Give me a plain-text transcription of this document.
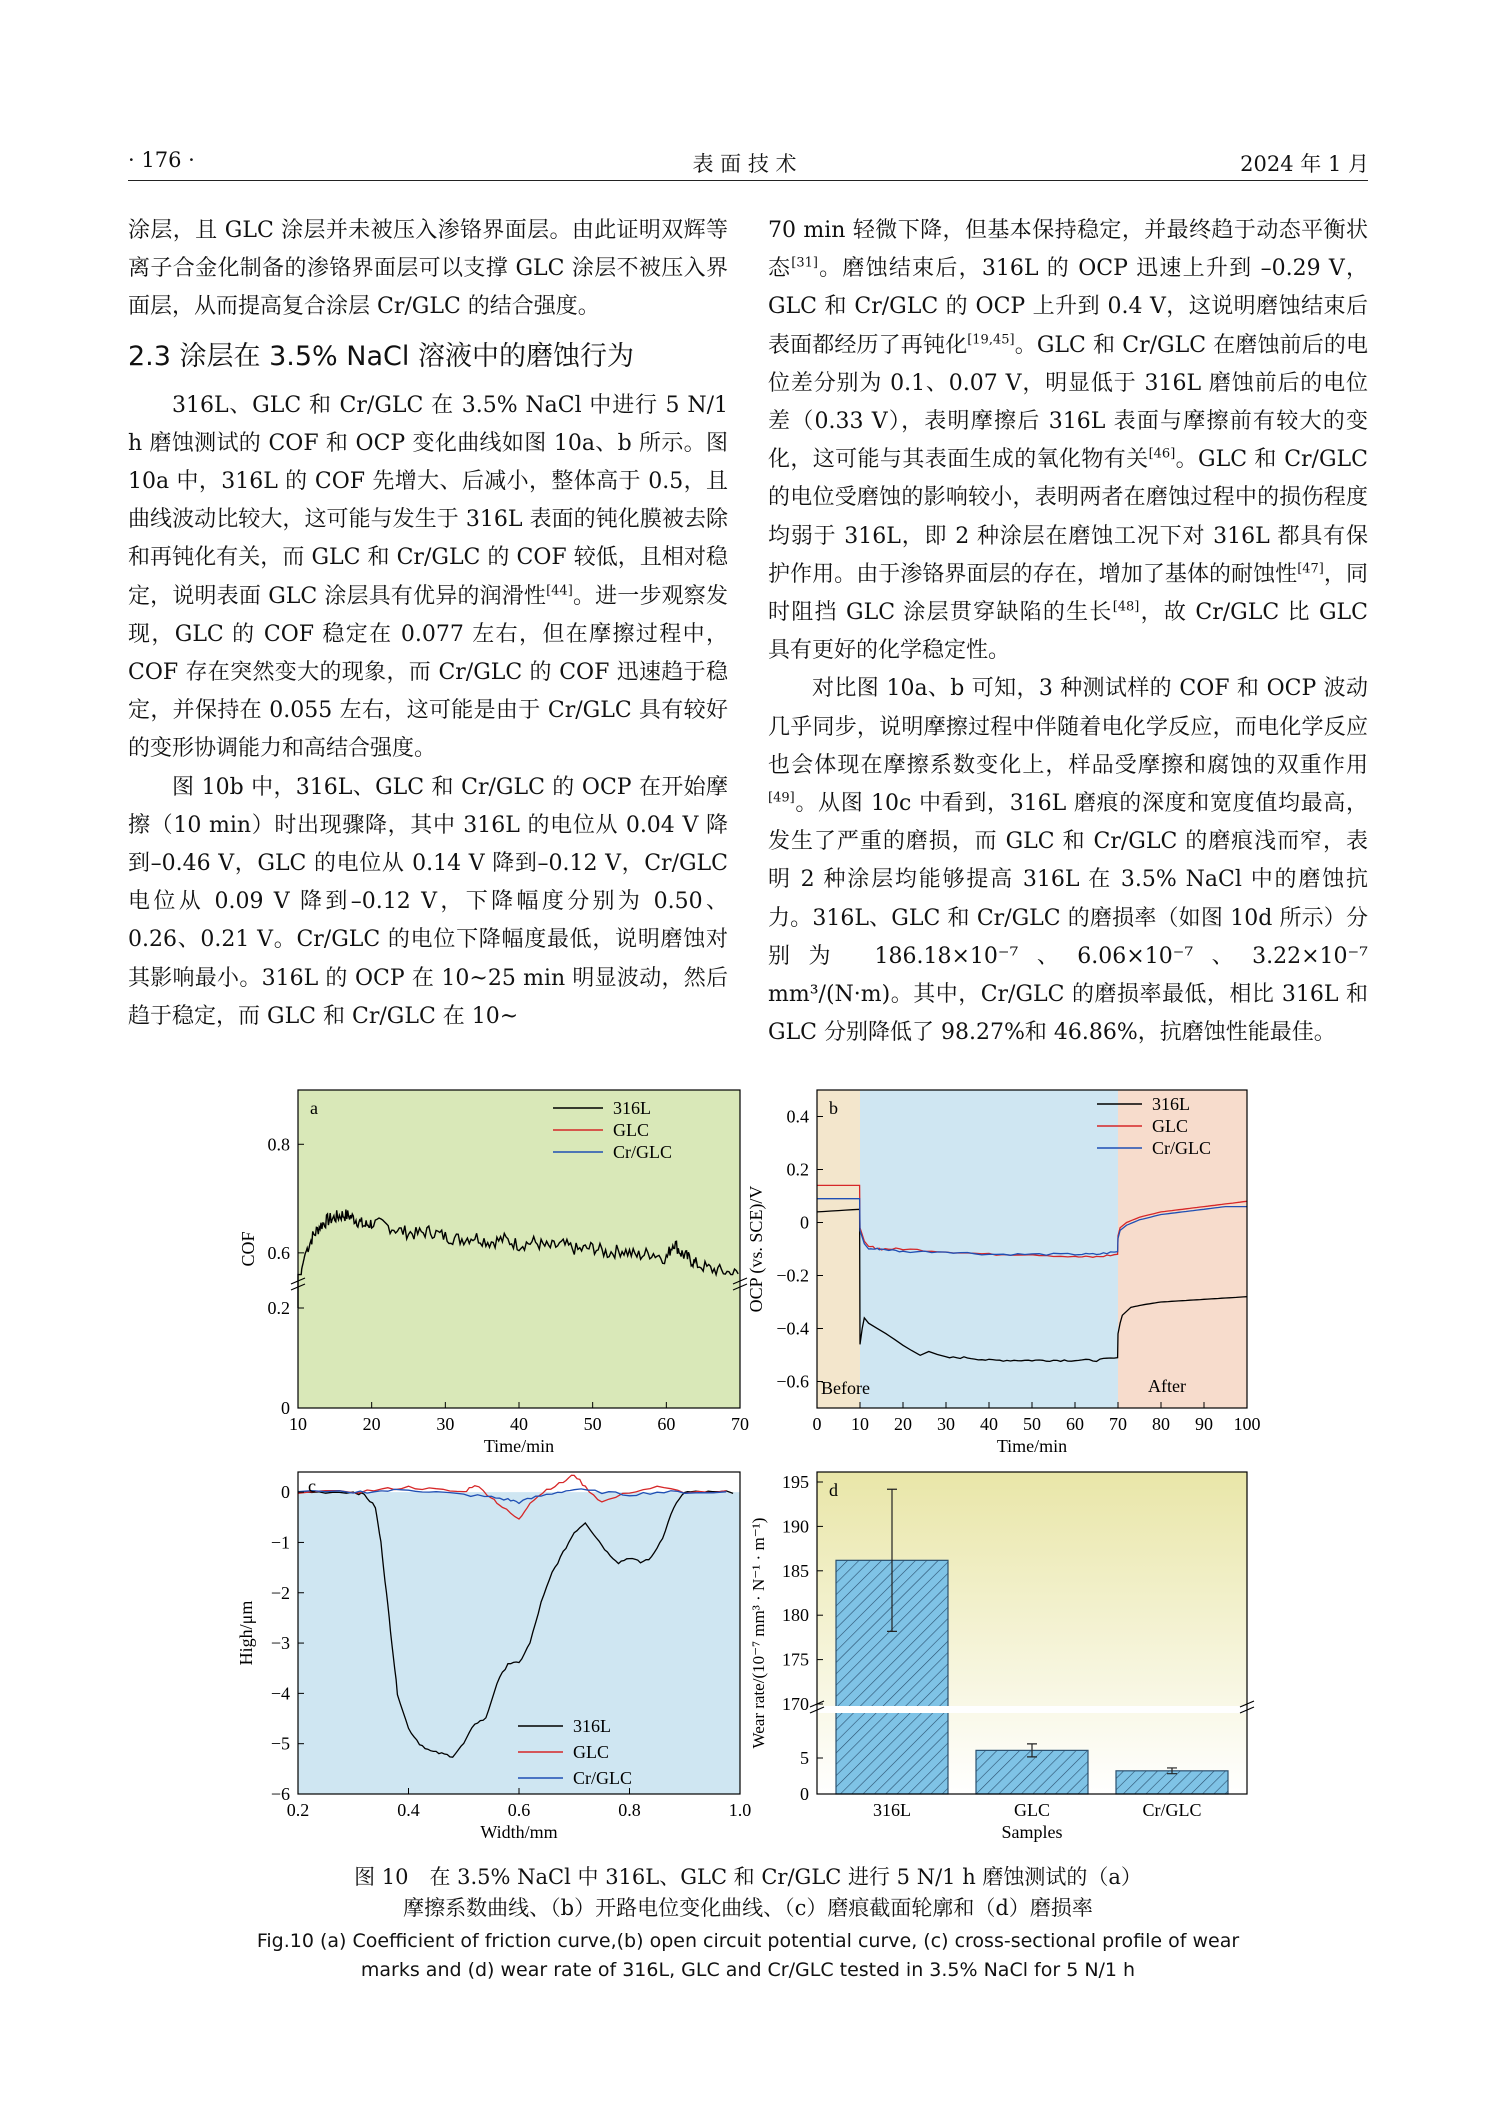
· 176 ·	表 面 技 术	2024 年 1 月

涂层，且 GLC 涂层并未被压入渗铬界面层。由此证明双辉等离子合金化制备的渗铬界面层可以支撑 GLC 涂层不被压入界面层，从而提高复合涂层 Cr/GLC 的结合强度。

2.3 涂层在 3.5% NaCl 溶液中的磨蚀行为

316L、GLC 和 Cr/GLC 在 3.5% NaCl 中进行 5 N/1 h 磨蚀测试的 COF 和 OCP 变化曲线如图 10a、b 所示。图 10a 中，316L 的 COF 先增大、后减小，整体高于 0.5，且曲线波动比较大，这可能与发生于 316L 表面的钝化膜被去除和再钝化有关，而 GLC 和 Cr/GLC 的 COF 较低，且相对稳定，说明表面 GLC 涂层具有优异的润滑性[44]。进一步观察发现，GLC 的 COF 稳定在 0.077 左右，但在摩擦过程中，COF 存在突然变大的现象，而 Cr/GLC 的 COF 迅速趋于稳定，并保持在 0.055 左右，这可能是由于 Cr/GLC 具有较好的变形协调能力和高结合强度。

图 10b 中，316L、GLC 和 Cr/GLC 的 OCP 在开始摩擦（10 min）时出现骤降，其中 316L 的电位从 0.04 V 降到–0.46 V，GLC 的电位从 0.14 V 降到–0.12 V，Cr/GLC 电位从 0.09 V 降到–0.12 V，下降幅度分别为 0.50、0.26、0.21 V。Cr/GLC 的电位下降幅度最低，说明磨蚀对其影响最小。316L 的 OCP 在 10~25 min 明显波动，然后趋于稳定，而 GLC 和 Cr/GLC 在 10~

70 min 轻微下降，但基本保持稳定，并最终趋于动态平衡状态[31]。磨蚀结束后，316L 的 OCP 迅速上升到 –0.29 V，GLC 和 Cr/GLC 的 OCP 上升到 0.4 V，这说明磨蚀结束后表面都经历了再钝化[19,45]。GLC 和 Cr/GLC 在磨蚀前后的电位差分别为 0.1、0.07 V，明显低于 316L 磨蚀前后的电位差（0.33 V），表明摩擦后 316L 表面与摩擦前有较大的变化，这可能与其表面生成的氧化物有关[46]。GLC 和 Cr/GLC 的电位受磨蚀的影响较小，表明两者在磨蚀过程中的损伤程度均弱于 316L，即 2 种涂层在磨蚀工况下对 316L 都具有保护作用。由于渗铬界面层的存在，增加了基体的耐蚀性[47]，同时阻挡 GLC 涂层贯穿缺陷的生长[48]，故 Cr/GLC 比 GLC 具有更好的化学稳定性。

对比图 10a、b 可知，3 种测试样的 COF 和 OCP 波动几乎同步，说明摩擦过程中伴随着电化学反应，而电化学反应也会体现在摩擦系数变化上，样品受摩擦和腐蚀的双重作用[49]。从图 10c 中看到，316L 磨痕的深度和宽度值均最高，发生了严重的磨损，而 GLC 和 Cr/GLC 的磨痕浅而窄，表明 2 种涂层均能够提高 316L 在 3.5% NaCl 中的磨蚀抗力。316L、GLC 和 Cr/GLC 的磨损率（如图 10d 所示）分别为 186.18×10⁻⁷、6.06×10⁻⁷、3.22×10⁻⁷ mm³/(N·m)。其中，Cr/GLC 的磨损率最低，相比 316L 和 GLC 分别降低了 98.27%和 46.86%，抗磨蚀性能最佳。

10	20	30	40	50	60	70
0
0.2
0.6
0.8
Time/min
COF
a	316L
GLC
Cr/GLC
0 10 20 30 40 50 60 70 80 90 100
−0.6
−0.4
−0.2
0
0.2
0.4
Time/min
OCP (vs. SCE)/V
b
Before	After
316L
GLC
Cr/GLC
0.2	0.4	0.6	0.8	1.0
−6
−5
−4
−3
−2
−1
0
Width/mm
High/μm
c
316L
GLC
Cr/GLC
316L	GLC	Cr/GLC
0
5
170
175
180
185
190
195
Samples
Wear rate/(10⁻⁷ mm³ · N⁻¹ · m⁻¹)
d
图 10　在 3.5% NaCl 中 316L、GLC 和 Cr/GLC 进行 5 N/1 h 磨蚀测试的（a）
摩擦系数曲线、（b）开路电位变化曲线、（c）磨痕截面轮廓和（d）磨损率
Fig.10 (a) Coefficient of friction curve,(b) open circuit potential curve, (c) cross-sectional profile of wear
marks and (d) wear rate of 316L, GLC and Cr/GLC tested in 3.5% NaCl for 5 N/1 h
